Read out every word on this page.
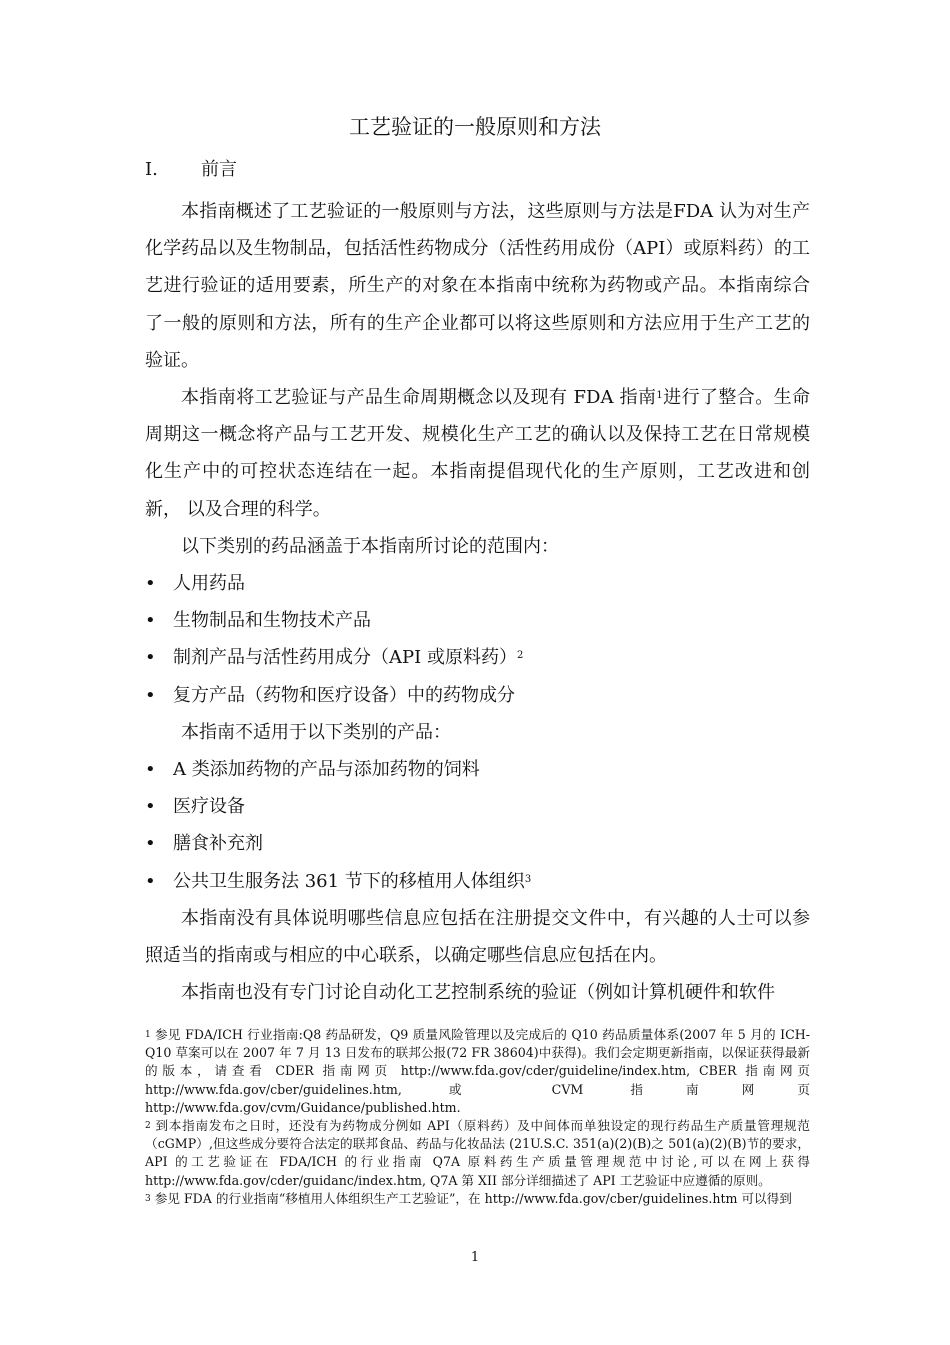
工艺验证的一般原则和方法
I. 前言

本指南概述了工艺验证的一般原则与方法，这些原则与方法是FDA 认为对生产化学药品以及生物制品，包括活性药物成分（活性药用成份（API）或原料药）的工艺进行验证的适用要素，所生产的对象在本指南中统称为药物或产品。本指南综合了一般的原则和方法，所有的生产企业都可以将这些原则和方法应用于生产工艺的验证。

本指南将工艺验证与产品生命周期概念以及现有 FDA 指南$^1$进行了整合。生命周期这一概念将产品与工艺开发、规模化生产工艺的确认以及保持工艺在日常规模化生产中的可控状态连结在一起。本指南提倡现代化的生产原则，工艺改进和创新， 以及合理的科学。

以下类别的药品涵盖于本指南所讨论的范围内：

• 人用药品
• 生物制品和生物技术产品
• 制剂产品与活性药用成分（API 或原料药）$^2$
• 复方产品（药物和医疗设备）中的药物成分

本指南不适用于以下类别的产品：

• A 类添加药物的产品与添加药物的饲料
• 医疗设备
• 膳食补充剂
• 公共卫生服务法 361 节下的移植用人体组织$^3$

本指南没有具体说明哪些信息应包括在注册提交文件中，有兴趣的人士可以参照适当的指南或与相应的中心联系，以确定哪些信息应包括在内。

本指南也没有专门讨论自动化工艺控制系统的验证（例如计算机硬件和软件

$^1$ 参见 FDA/ICH 行业指南:Q8 药品研发，Q9 质量风险管理以及完成后的 Q10 药品质量体系(2007 年 5 月的 ICH-Q10 草案可以在 2007 年 7 月 13 日发布的联邦公报(72 FR 38604)中获得)。我们会定期更新指南，以保证获得最新的版本，请查看 CDER 指南网页 http://www.fda.gov/cder/guideline/index.htm, CBER 指南网页 http://www.fda.gov/cber/guidelines.htm, 或 CVM 指南网页 http://www.fda.gov/cvm/Guidance/published.htm.

$^2$ 到本指南发布之日时，还没有为药物成分例如 API（原料药）及中间体而单独设定的现行药品生产质量管理规范（cGMP）,但这些成分要符合法定的联邦食品、药品与化妆品法 (21U.S.C. 351(a)(2)(B)之 501(a)(2)(B)节的要求，API 的工艺验证在 FDA/ICH 的行业指南 Q7A 原料药生产质量管理规范中讨论,可以在网上获得 http://www.fda.gov/cder/guidanc/index.htm, Q7A 第 XII 部分详细描述了 API 工艺验证中应遵循的原则。

$^3$ 参见 FDA 的行业指南“移植用人体组织生产工艺验证”，在 http://www.fda.gov/cber/guidelines.htm 可以得到

1
